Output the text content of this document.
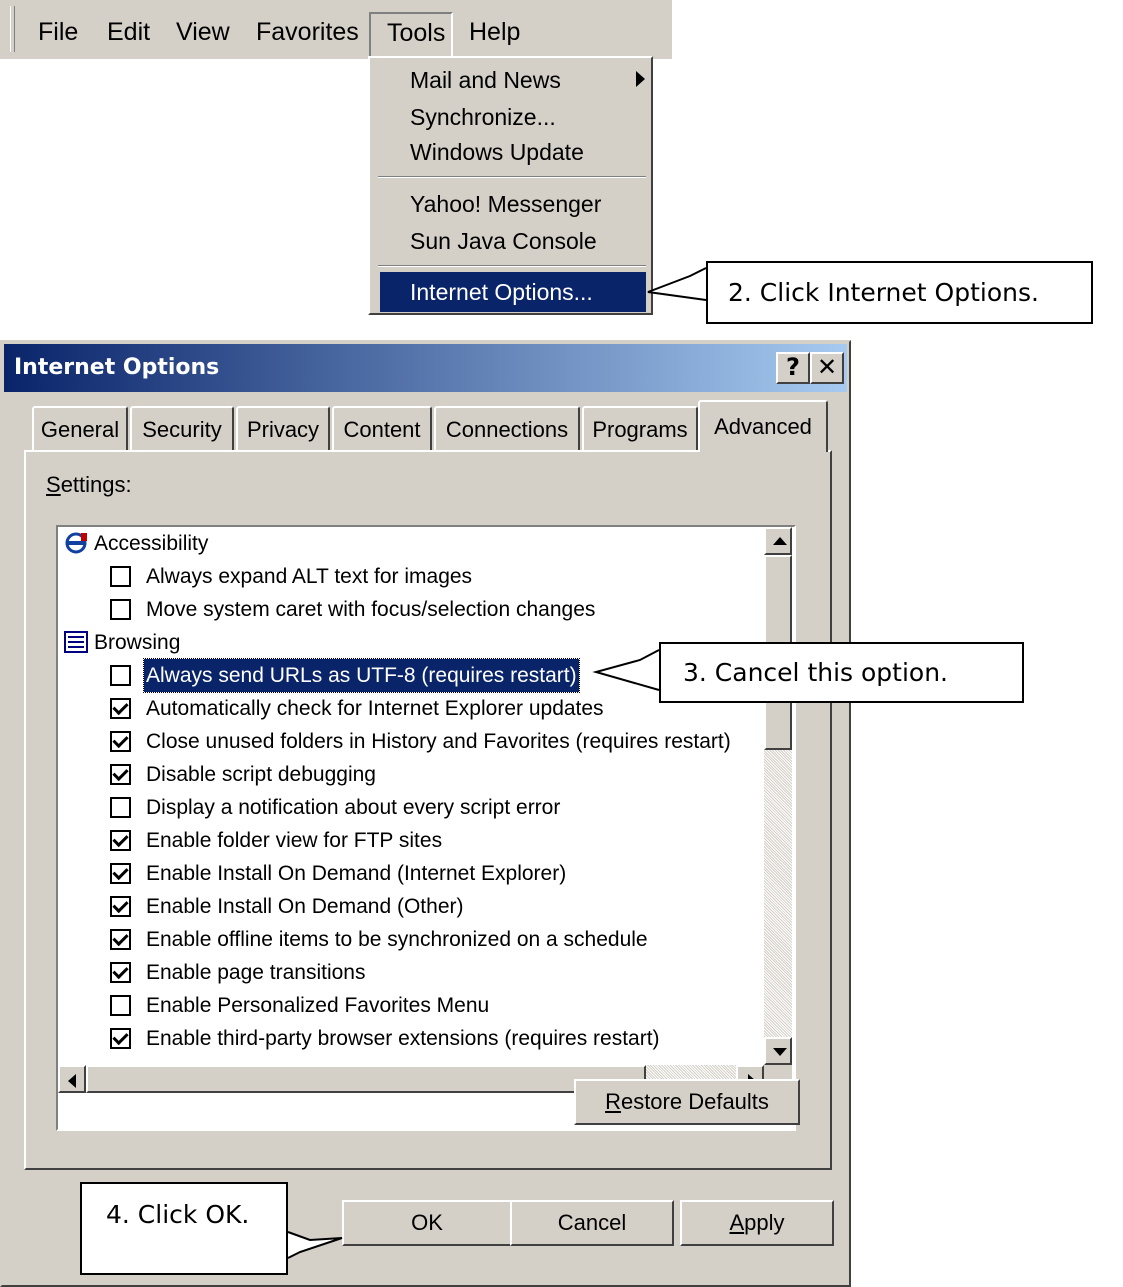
File Edit View Favorites Tools Help
Mail and News
Synchronize...
Windows Update
Yahoo! Messenger
Sun Java Console
Internet Options...	2. Click Internet Options.
Internet Options	? ✕
General	Security	Privacy	Content	Connections	Programs	Advanced
Settings:
Accessibility
Always expand ALT text for images
Move system caret with focus/selection changes
Browsing
Always send URLs as UTF-8 (requires restart)
Automatically check for Internet Explorer updates
Close unused folders in History and Favorites (requires restart)
Disable script debugging
Display a notification about every script error
Enable folder view for FTP sites
Enable Install On Demand (Internet Explorer)
Enable Install On Demand (Other)
Enable offline items to be synchronized on a schedule
Enable page transitions
Enable Personalized Favorites Menu
Enable third-party browser extensions (requires restart)
Restore Defaults
OK	Cancel	Apply
3. Cancel this option.
4. Click OK.
